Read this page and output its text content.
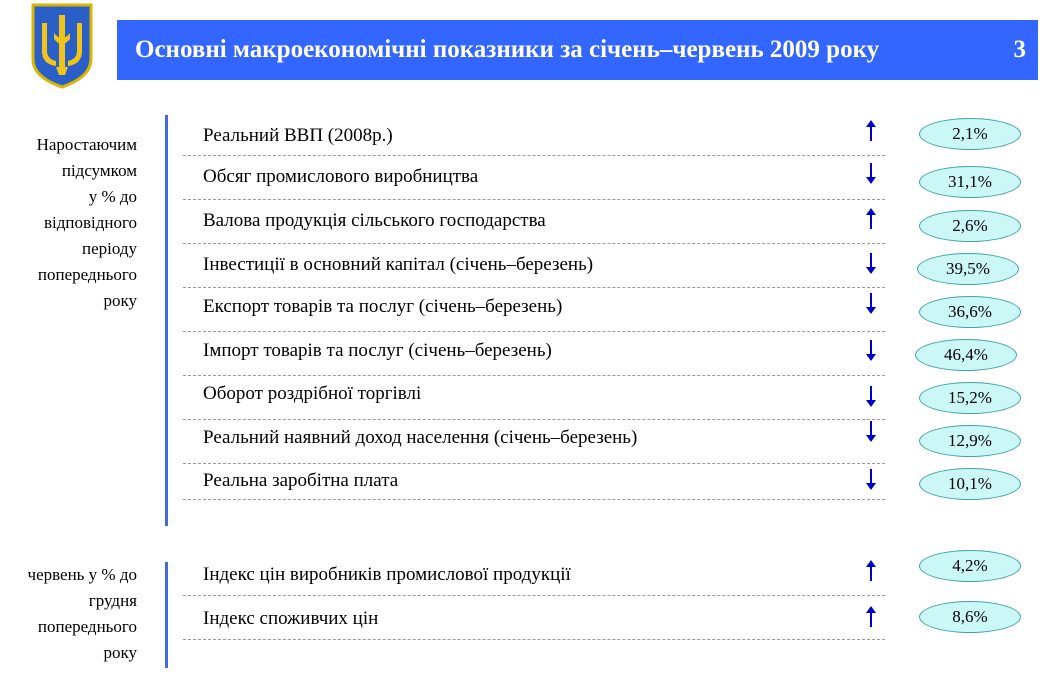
Основні макроекономічні показники за січень–червень 2009 року	3
Наростаючим
підсумком
у % до
відповідного
періоду
попереднього
року
Реальний ВВП (2008р.)
Обсяг промислового виробництва
Валова продукція сільського господарства
Інвестиції в основний капітал (січень–березень)
Експорт товарів та послуг (січень–березень)
Імпорт товарів та послуг (січень–березень)
Оборот роздрібної торгівлі
Реальний наявний доход населення (січень–березень)
Реальна заробітна плата
2,1%
31,1%
2,6%
39,5%
36,6%
46,4%
15,2%
12,9%
10,1%
червень у % до
грудня
попереднього
року
Індекс цін виробників промислової продукції
Індекс споживчих цін
4,2%
8,6%
